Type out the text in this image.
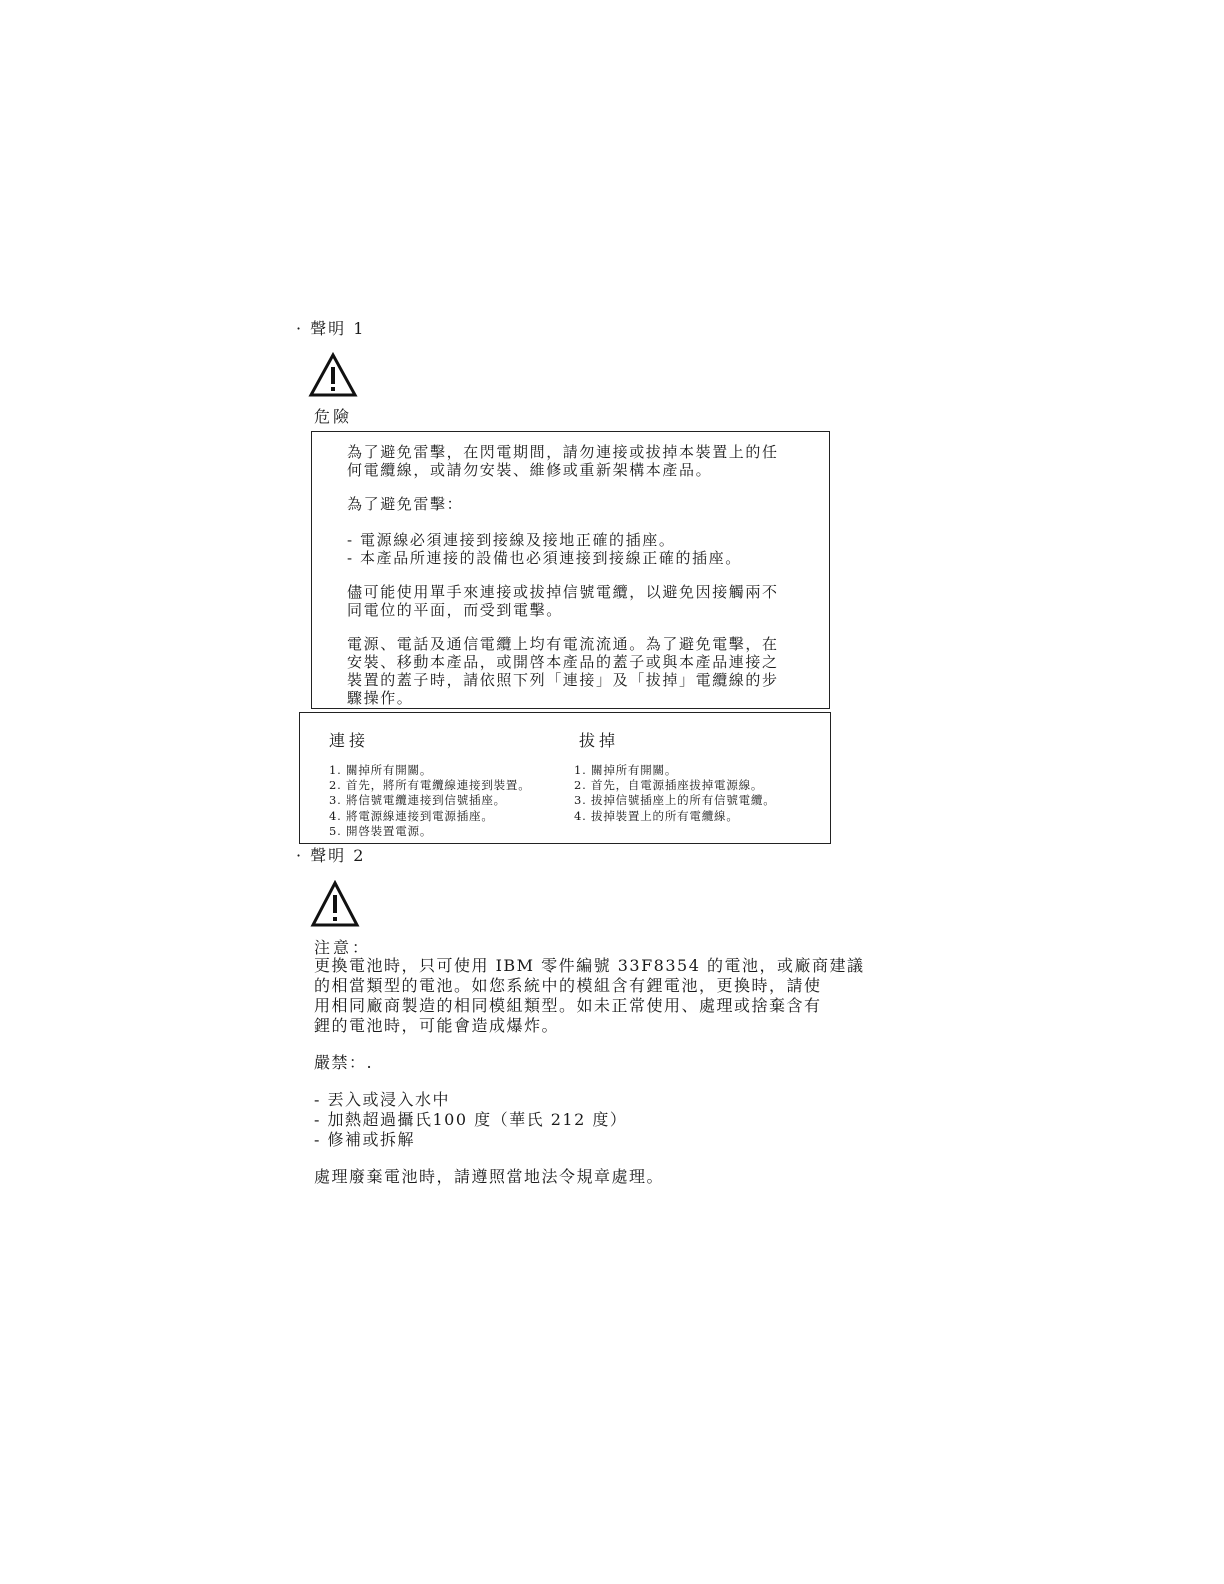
· 聲明 1
危險

為了避免雷擊，在閃電期間，請勿連接或拔掉本裝置上的任

何電纜線，或請勿安裝、維修或重新架構本產品。

為了避免雷擊：

- 電源線必須連接到接線及接地正確的插座。

- 本產品所連接的設備也必須連接到接線正確的插座。

儘可能使用單手來連接或拔掉信號電纜，以避免因接觸兩不

同電位的平面，而受到電擊。

電源、電話及通信電纜上均有電流流通。為了避免電擊，在

安裝、移動本產品，或開啓本產品的蓋子或與本產品連接之

裝置的蓋子時，請依照下列「連接」及「拔掉」電纜線的步

驟操作。

連接
1. 關掉所有開關。
2. 首先，將所有電纜線連接到裝置。
3. 將信號電纜連接到信號插座。
4. 將電源線連接到電源插座。
5. 開啓裝置電源。
拔掉
1. 關掉所有開關。
2. 首先，自電源插座拔掉電源線。
3. 拔掉信號插座上的所有信號電纜。
4. 拔掉裝置上的所有電纜線。
· 聲明 2
注意：

更換電池時，只可使用 IBM 零件編號 33F8354 的電池，或廠商建議

的相當類型的電池。如您系統中的模組含有鋰電池，更換時，請使

用相同廠商製造的相同模組類型。如未正常使用、處理或捨棄含有

鋰的電池時，可能會造成爆炸。

嚴禁：.

- 丟入或浸入水中

- 加熱超過攝氏100 度（華氏 212 度）

- 修補或拆解

處理廢棄電池時，請遵照當地法令規章處理。
